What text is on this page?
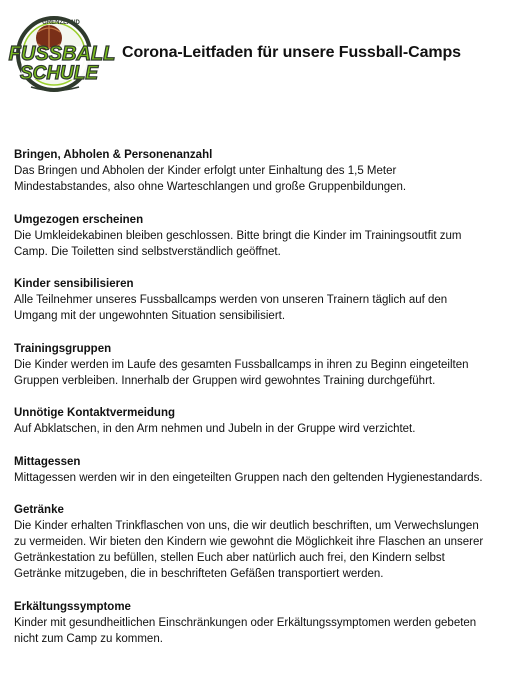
GRENZLAND
FUSSBALL
SCHULE
Corona-Leitfaden für unsere Fussball-Camps
Bringen, Abholen & Personenanzahl
Das Bringen und Abholen der Kinder erfolgt unter Einhaltung des 1,5 Meter
Mindestabstandes, also ohne Warteschlangen und große Gruppenbildungen.
Umgezogen erscheinen
Die Umkleidekabinen bleiben geschlossen. Bitte bringt die Kinder im Trainingsoutfit zum
Camp. Die Toiletten sind selbstverständlich geöffnet.
Kinder sensibilisieren
Alle Teilnehmer unseres Fussballcamps werden von unseren Trainern täglich auf den
Umgang mit der ungewohnten Situation sensibilisiert.
Trainingsgruppen
Die Kinder werden im Laufe des gesamten Fussballcamps in ihren zu Beginn eingeteilten
Gruppen verbleiben. Innerhalb der Gruppen wird gewohntes Training durchgeführt.
Unnötige Kontaktvermeidung
Auf Abklatschen, in den Arm nehmen und Jubeln in der Gruppe wird verzichtet.
Mittagessen
Mittagessen werden wir in den eingeteilten Gruppen nach den geltenden Hygienestandards.
Getränke
Die Kinder erhalten Trinkflaschen von uns, die wir deutlich beschriften, um Verwechslungen
zu vermeiden. Wir bieten den Kindern wie gewohnt die Möglichkeit ihre Flaschen an unserer
Getränkestation zu befüllen, stellen Euch aber natürlich auch frei, den Kindern selbst
Getränke mitzugeben, die in beschrifteten Gefäßen transportiert werden.
Erkältungssymptome
Kinder mit gesundheitlichen Einschränkungen oder Erkältungssymptomen werden gebeten
nicht zum Camp zu kommen.
